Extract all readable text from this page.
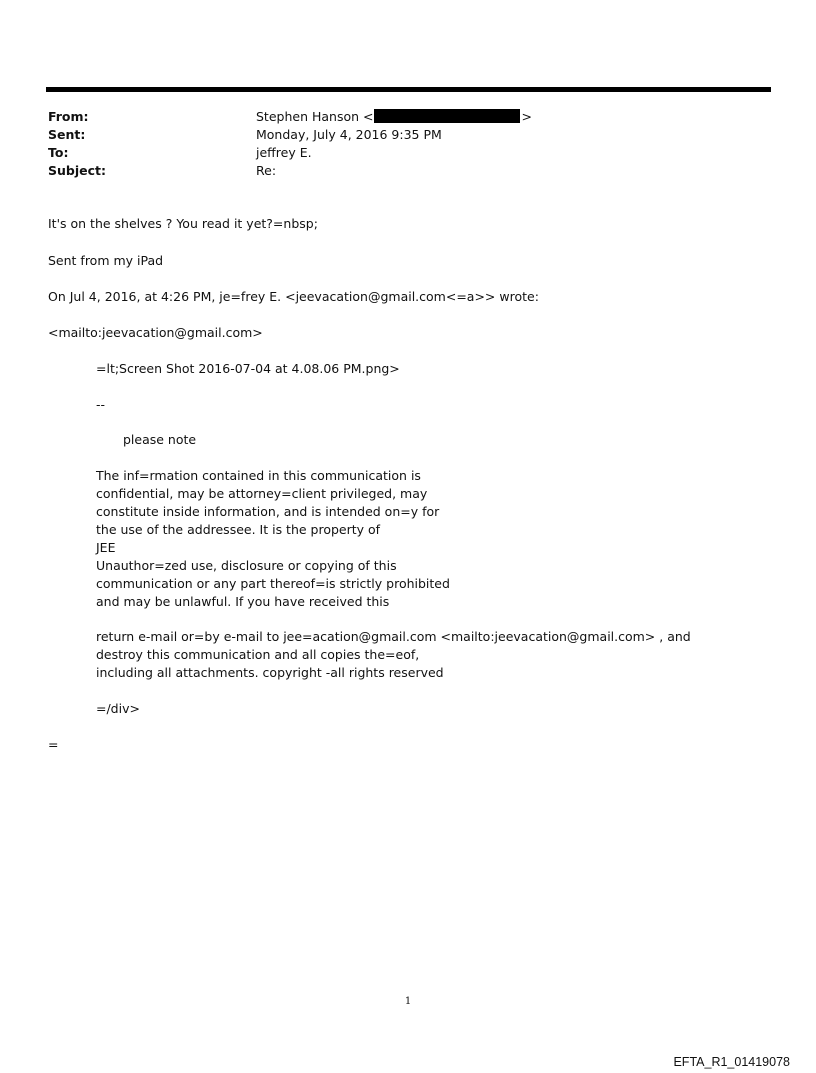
From:	Stephen Hanson <	>
Sent:	Monday, July 4, 2016 9:35 PM
To:	jeffrey E.
Subject:	Re:
It's on the shelves ? You read it yet?=nbsp;
Sent from my iPad
On Jul 4, 2016, at 4:26 PM, je=frey E. <jeevacation@gmail.com<=a>> wrote:
<mailto:jeevacation@gmail.com>
=lt;Screen Shot 2016-07-04 at 4.08.06 PM.png>
--
please note
The inf=rmation contained in this communication is
confidential, may be attorney=client privileged, may
constitute inside information, and is intended on=y for
the use of the addressee. It is the property of
JEE
Unauthor=zed use, disclosure or copying of this
communication or any part thereof=is strictly prohibited
and may be unlawful. If you have received this
return e-mail or=by e-mail to jee=acation@gmail.com <mailto:jeevacation@gmail.com> , and
destroy this communication and all copies the=eof,
including all attachments. copyright -all rights reserved
=/div>
=
1
EFTA_R1_01419078
